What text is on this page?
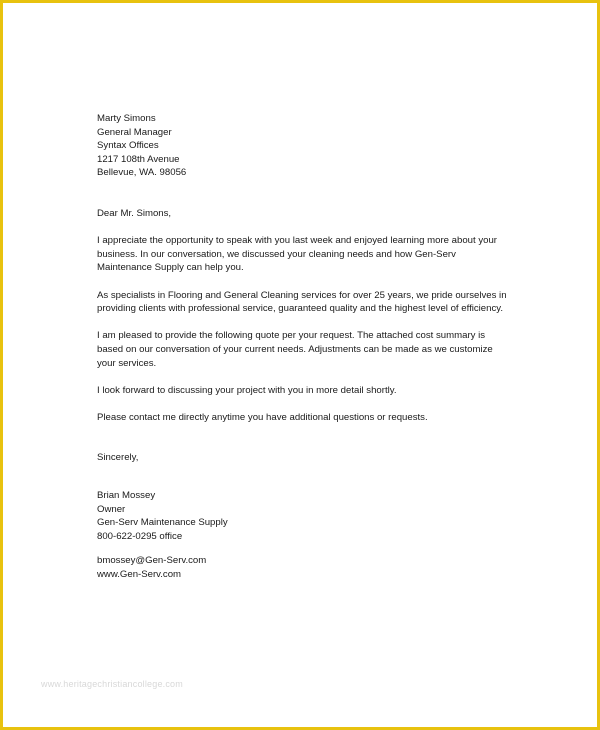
Marty Simons
General Manager
Syntax Offices
1217 108th Avenue
Bellevue, WA. 98056
Dear Mr. Simons,
I appreciate the opportunity to speak with you last week and enjoyed learning more about your
business. In our conversation, we discussed your cleaning needs and how Gen-Serv
Maintenance Supply can help you.
As specialists in Flooring and General Cleaning services for over 25 years, we pride ourselves in
providing clients with professional service, guaranteed quality and the highest level of efficiency.
I am pleased to provide the following quote per your request. The attached cost summary is
based on our conversation of your current needs. Adjustments can be made as we customize
your services.
I look forward to discussing your project with you in more detail shortly.
Please contact me directly anytime you have additional questions or requests.
Sincerely,
Brian Mossey
Owner
Gen-Serv Maintenance Supply
800-622-0295 office
bmossey@Gen-Serv.com
www.Gen-Serv.com
www.heritagechristiancollege.com
